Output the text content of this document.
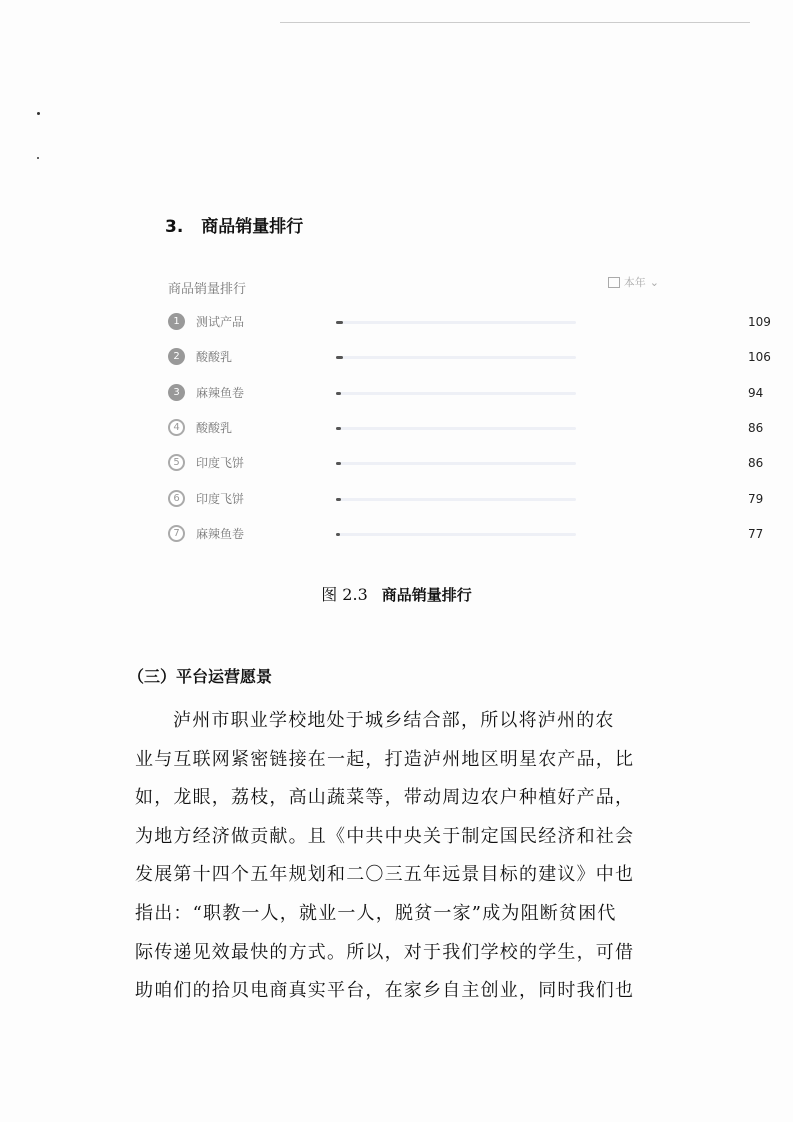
3. 商品销量排行
商品销量排行	本年 ⌄
1	测试产品	109
2	酸酸乳	106
3	麻辣鱼卷	94
4	酸酸乳	86
5	印度飞饼	86
6	印度飞饼	79
7	麻辣鱼卷	77
图 2.3 商品销量排行
（三）平台运营愿景
泸州市职业学校地处于城乡结合部，所以将泸州的农
业与互联网紧密链接在一起，打造泸州地区明星农产品，比
如，龙眼，荔枝，高山蔬菜等，带动周边农户种植好产品，
为地方经济做贡献。且《中共中央关于制定国民经济和社会
发展第十四个五年规划和二〇三五年远景目标的建议》中也
指出：“职教一人，就业一人，脱贫一家”成为阻断贫困代
际传递见效最快的方式。所以，对于我们学校的学生，可借
助咱们的拾贝电商真实平台，在家乡自主创业，同时我们也
